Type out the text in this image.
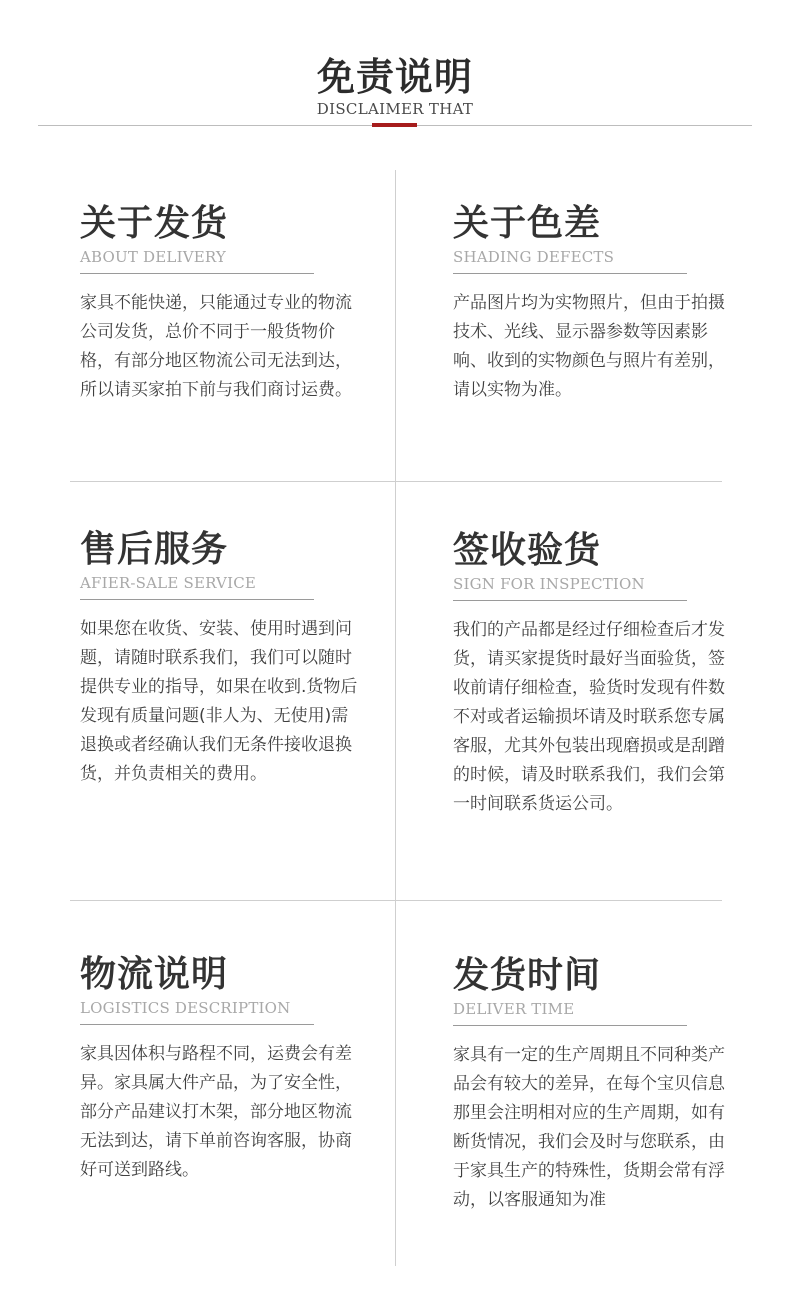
免责说明
DISCLAIMER THAT
关于发货
ABOUT DELIVERY
家具不能快递，只能通过专业的物流公司发货，总价不同于一般货物价格，有部分地区物流公司无法到达，所以请买家拍下前与我们商讨运费。
关于色差
SHADING DEFECTS
产品图片均为实物照片，但由于拍摄技术、光线、显示器参数等因素影响、收到的实物颜色与照片有差别，请以实物为准。
售后服务
AFIER-SALE SERVICE
如果您在收货、安装、使用时遇到问题，请随时联系我们，我们可以随时提供专业的指导，如果在收到.货物后发现有质量问题(非人为、无使用)需退换或者经确认我们无条件接收退换货，并负责相关的费用。
签收验货
SIGN FOR INSPECTION
我们的产品都是经过仔细检查后才发货，请买家提货时最好当面验货，签收前请仔细检查，验货时发现有件数不对或者运输损坏请及时联系您专属客服，尤其外包装出现磨损或是刮蹭的时候，请及时联系我们，我们会第一时间联系货运公司。
物流说明
LOGISTICS DESCRIPTION
家具因体积与路程不同，运费会有差异。家具属大件产品，为了安全性，部分产品建议打木架，部分地区物流无法到达，请下单前咨询客服，协商好可送到路线。
发货时间
DELIVER TIME
家具有一定的生产周期且不同种类产品会有较大的差异，在每个宝贝信息那里会注明相对应的生产周期，如有断货情况，我们会及时与您联系，由于家具生产的特殊性，货期会常有浮动，以客服通知为准
